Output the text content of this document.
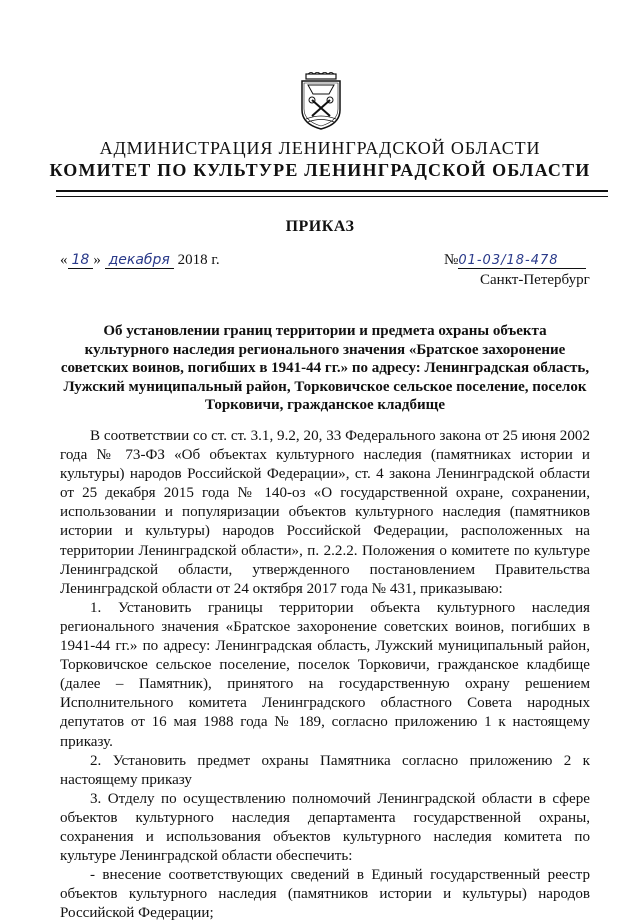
АДМИНИСТРАЦИЯ ЛЕНИНГРАДСКОЙ ОБЛАСТИ
КОМИТЕТ ПО КУЛЬТУРЕ ЛЕНИНГРАДСКОЙ ОБЛАСТИ
ПРИКАЗ
« 18 » декабря 2018 г.	№01-03/18-478
Санкт-Петербург
Об установлении границ территории и предмета охраны объекта культурного наследия регионального значения «Братское захоронение советских воинов, погибших в 1941-44 гг.» по адресу: Ленинградская область, Лужский муниципальный район, Торковичское сельское поселение, поселок Торковичи, гражданское кладбище

В соответствии со ст. ст. 3.1, 9.2, 20, 33 Федерального закона от 25 июня 2002 года № 73-ФЗ «Об объектах культурного наследия (памятниках истории и культуры) народов Российской Федерации», ст. 4 закона Ленинградской области от 25 декабря 2015 года № 140-оз «О государственной охране, сохранении, использовании и популяризации объектов культурного наследия (памятников истории и культуры) народов Российской Федерации, расположенных на территории Ленинградской области», п. 2.2.2. Положения о комитете по культуре Ленинградской области, утвержденного постановлением Правительства Ленинградской области от 24 октября 2017 года № 431, приказываю:

1. Установить границы территории объекта культурного наследия регионального значения «Братское захоронение советских воинов, погибших в 1941-44 гг.» по адресу: Ленинградская область, Лужский муниципальный район, Торковичское сельское поселение, поселок Торковичи, гражданское кладбище (далее – Памятник), принятого на государственную охрану решением Исполнительного комитета Ленинградского областного Совета народных депутатов от 16 мая 1988 года № 189, согласно приложению 1 к настоящему приказу.

2. Установить предмет охраны Памятника согласно приложению 2 к настоящему приказу

3. Отделу по осуществлению полномочий Ленинградской области в сфере объектов культурного наследия департамента государственной охраны, сохранения и использования объектов культурного наследия комитета по культуре Ленинградской области обеспечить:

- внесение соответствующих сведений в Единый государственный реестр объектов культурного наследия (памятников истории и культуры) народов Российской Федерации;
